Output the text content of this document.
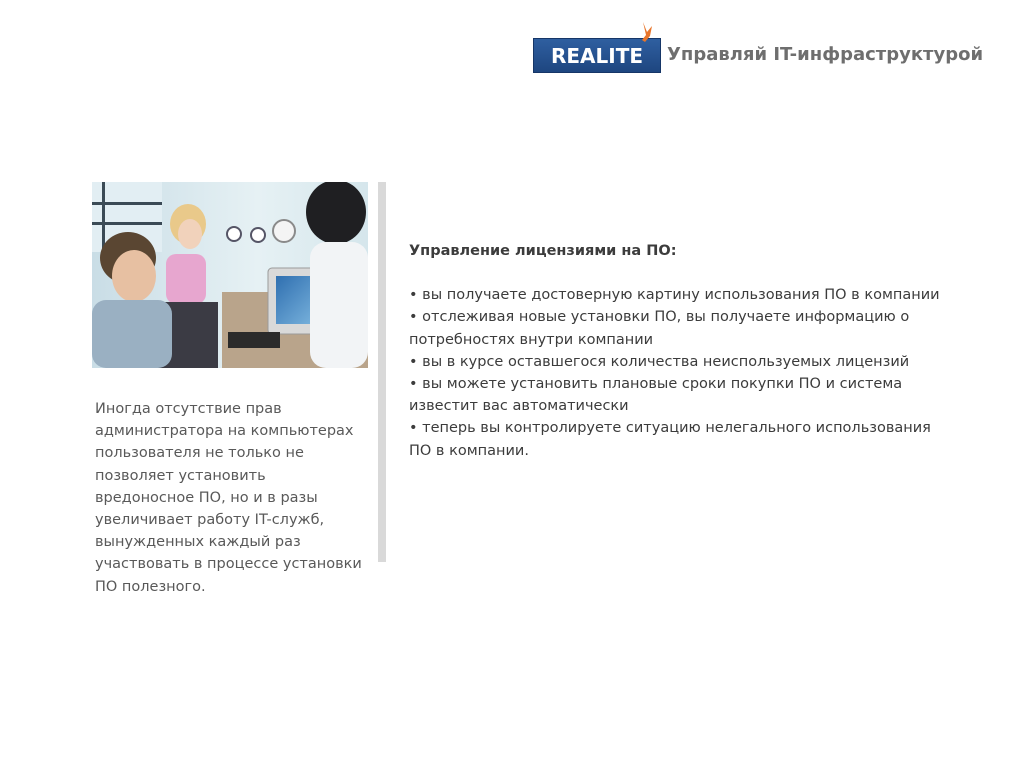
REALITE	Управляй IT-инфраструктурой
Иногда отсутствие прав администратора на компьютерах пользователя не только не позволяет установить вредоносное ПО, но и в разы увеличивает работу IT-служб, вынужденных каждый раз участвовать в процессе установки ПО полезного.
Управление лицензиями на ПО:
• вы получаете достоверную картину использования ПО в компании
• отслеживая новые установки ПО, вы получаете информацию о потребностях внутри компании
• вы в курсе оставшегося количества неиспользуемых лицензий
• вы можете установить плановые сроки покупки ПО и система известит вас автоматически
• теперь вы контролируете ситуацию нелегального использования ПО в компании.
